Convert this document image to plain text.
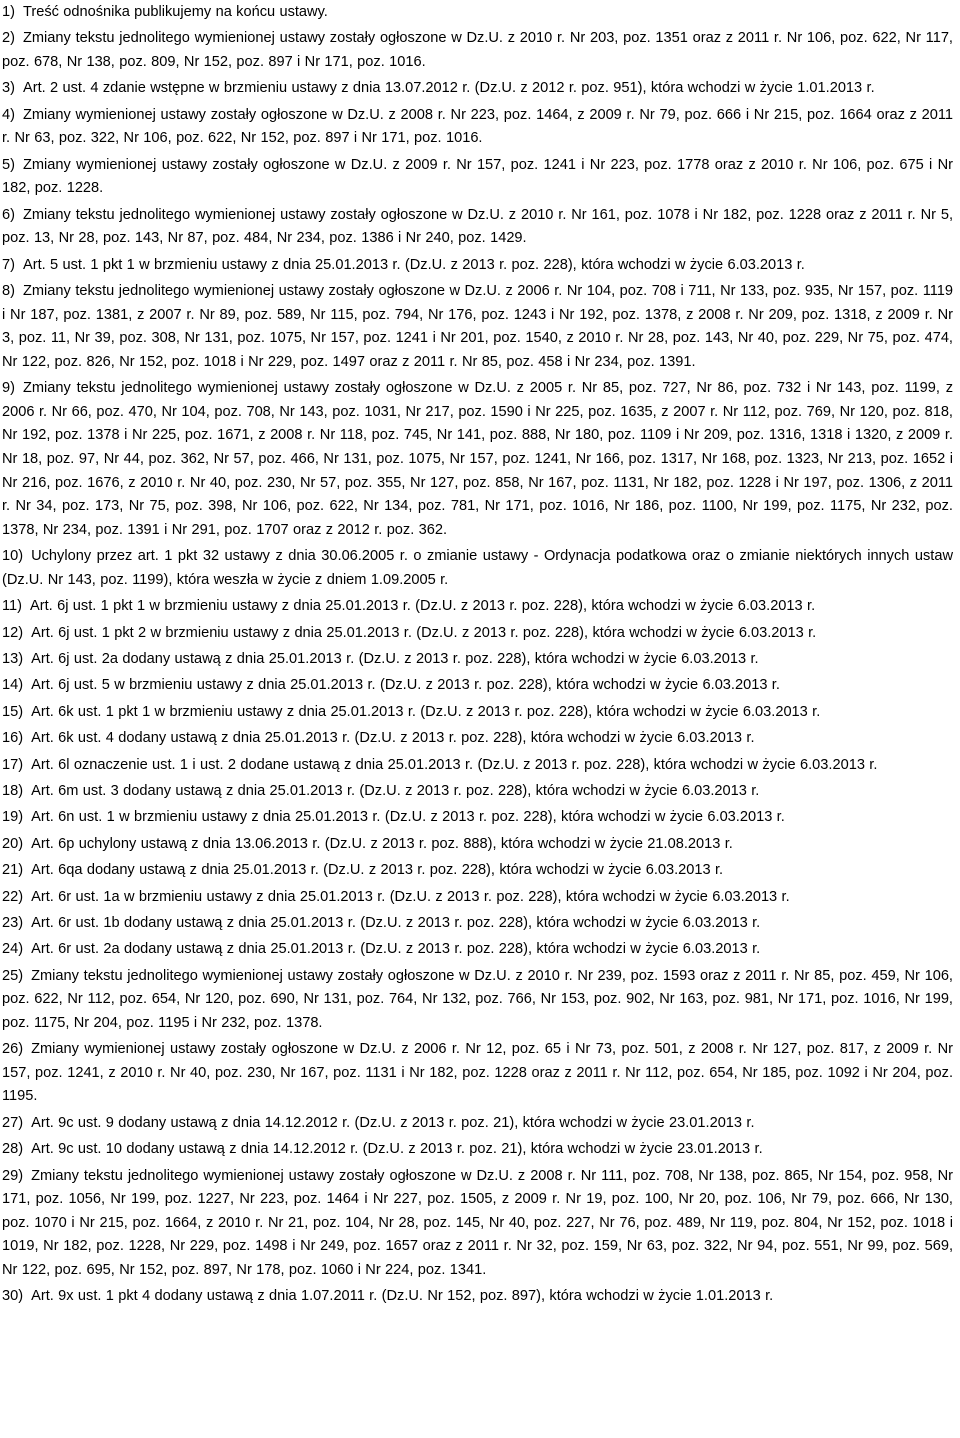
1) Treść odnośnika publikujemy na końcu ustawy.

2) Zmiany tekstu jednolitego wymienionej ustawy zostały ogłoszone w Dz.U. z 2010 r. Nr 203, poz. 1351 oraz z 2011 r. Nr 106, poz. 622, Nr 117, poz. 678, Nr 138, poz. 809, Nr 152, poz. 897 i Nr 171, poz. 1016.

3) Art. 2 ust. 4 zdanie wstępne w brzmieniu ustawy z dnia 13.07.2012 r. (Dz.U. z 2012 r. poz. 951), która wchodzi w życie 1.01.2013 r.

4) Zmiany wymienionej ustawy zostały ogłoszone w Dz.U. z 2008 r. Nr 223, poz. 1464, z 2009 r. Nr 79, poz. 666 i Nr 215, poz. 1664 oraz z 2011 r. Nr 63, poz. 322, Nr 106, poz. 622, Nr 152, poz. 897 i Nr 171, poz. 1016.

5) Zmiany wymienionej ustawy zostały ogłoszone w Dz.U. z 2009 r. Nr 157, poz. 1241 i Nr 223, poz. 1778 oraz z 2010 r. Nr 106, poz. 675 i Nr 182, poz. 1228.

6) Zmiany tekstu jednolitego wymienionej ustawy zostały ogłoszone w Dz.U. z 2010 r. Nr 161, poz. 1078 i Nr 182, poz. 1228 oraz z 2011 r. Nr 5, poz. 13, Nr 28, poz. 143, Nr 87, poz. 484, Nr 234, poz. 1386 i Nr 240, poz. 1429.

7) Art. 5 ust. 1 pkt 1 w brzmieniu ustawy z dnia 25.01.2013 r. (Dz.U. z 2013 r. poz. 228), która wchodzi w życie 6.03.2013 r.

8) Zmiany tekstu jednolitego wymienionej ustawy zostały ogłoszone w Dz.U. z 2006 r. Nr 104, poz. 708 i 711, Nr 133, poz. 935, Nr 157, poz. 1119 i Nr 187, poz. 1381, z 2007 r. Nr 89, poz. 589, Nr 115, poz. 794, Nr 176, poz. 1243 i Nr 192, poz. 1378, z 2008 r. Nr 209, poz. 1318, z 2009 r. Nr 3, poz. 11, Nr 39, poz. 308, Nr 131, poz. 1075, Nr 157, poz. 1241 i Nr 201, poz. 1540, z 2010 r. Nr 28, poz. 143, Nr 40, poz. 229, Nr 75, poz. 474, Nr 122, poz. 826, Nr 152, poz. 1018 i Nr 229, poz. 1497 oraz z 2011 r. Nr 85, poz. 458 i Nr 234, poz. 1391.

9) Zmiany tekstu jednolitego wymienionej ustawy zostały ogłoszone w Dz.U. z 2005 r. Nr 85, poz. 727, Nr 86, poz. 732 i Nr 143, poz. 1199, z 2006 r. Nr 66, poz. 470, Nr 104, poz. 708, Nr 143, poz. 1031, Nr 217, poz. 1590 i Nr 225, poz. 1635, z 2007 r. Nr 112, poz. 769, Nr 120, poz. 818, Nr 192, poz. 1378 i Nr 225, poz. 1671, z 2008 r. Nr 118, poz. 745, Nr 141, poz. 888, Nr 180, poz. 1109 i Nr 209, poz. 1316, 1318 i 1320, z 2009 r. Nr 18, poz. 97, Nr 44, poz. 362, Nr 57, poz. 466, Nr 131, poz. 1075, Nr 157, poz. 1241, Nr 166, poz. 1317, Nr 168, poz. 1323, Nr 213, poz. 1652 i Nr 216, poz. 1676, z 2010 r. Nr 40, poz. 230, Nr 57, poz. 355, Nr 127, poz. 858, Nr 167, poz. 1131, Nr 182, poz. 1228 i Nr 197, poz. 1306, z 2011 r. Nr 34, poz. 173, Nr 75, poz. 398, Nr 106, poz. 622, Nr 134, poz. 781, Nr 171, poz. 1016, Nr 186, poz. 1100, Nr 199, poz. 1175, Nr 232, poz. 1378, Nr 234, poz. 1391 i Nr 291, poz. 1707 oraz z 2012 r. poz. 362.

10) Uchylony przez art. 1 pkt 32 ustawy z dnia 30.06.2005 r. o zmianie ustawy - Ordynacja podatkowa oraz o zmianie niektórych innych ustaw (Dz.U. Nr 143, poz. 1199), która weszła w życie z dniem 1.09.2005 r.

11) Art. 6j ust. 1 pkt 1 w brzmieniu ustawy z dnia 25.01.2013 r. (Dz.U. z 2013 r. poz. 228), która wchodzi w życie 6.03.2013 r.

12) Art. 6j ust. 1 pkt 2 w brzmieniu ustawy z dnia 25.01.2013 r. (Dz.U. z 2013 r. poz. 228), która wchodzi w życie 6.03.2013 r.

13) Art. 6j ust. 2a dodany ustawą z dnia 25.01.2013 r. (Dz.U. z 2013 r. poz. 228), która wchodzi w życie 6.03.2013 r.

14) Art. 6j ust. 5 w brzmieniu ustawy z dnia 25.01.2013 r. (Dz.U. z 2013 r. poz. 228), która wchodzi w życie 6.03.2013 r.

15) Art. 6k ust. 1 pkt 1 w brzmieniu ustawy z dnia 25.01.2013 r. (Dz.U. z 2013 r. poz. 228), która wchodzi w życie 6.03.2013 r.

16) Art. 6k ust. 4 dodany ustawą z dnia 25.01.2013 r. (Dz.U. z 2013 r. poz. 228), która wchodzi w życie 6.03.2013 r.

17) Art. 6l oznaczenie ust. 1 i ust. 2 dodane ustawą z dnia 25.01.2013 r. (Dz.U. z 2013 r. poz. 228), która wchodzi w życie 6.03.2013 r.

18) Art. 6m ust. 3 dodany ustawą z dnia 25.01.2013 r. (Dz.U. z 2013 r. poz. 228), która wchodzi w życie 6.03.2013 r.

19) Art. 6n ust. 1 w brzmieniu ustawy z dnia 25.01.2013 r. (Dz.U. z 2013 r. poz. 228), która wchodzi w życie 6.03.2013 r.

20) Art. 6p uchylony ustawą z dnia 13.06.2013 r. (Dz.U. z 2013 r. poz. 888), która wchodzi w życie 21.08.2013 r.

21) Art. 6qa dodany ustawą z dnia 25.01.2013 r. (Dz.U. z 2013 r. poz. 228), która wchodzi w życie 6.03.2013 r.

22) Art. 6r ust. 1a w brzmieniu ustawy z dnia 25.01.2013 r. (Dz.U. z 2013 r. poz. 228), która wchodzi w życie 6.03.2013 r.

23) Art. 6r ust. 1b dodany ustawą z dnia 25.01.2013 r. (Dz.U. z 2013 r. poz. 228), która wchodzi w życie 6.03.2013 r.

24) Art. 6r ust. 2a dodany ustawą z dnia 25.01.2013 r. (Dz.U. z 2013 r. poz. 228), która wchodzi w życie 6.03.2013 r.

25) Zmiany tekstu jednolitego wymienionej ustawy zostały ogłoszone w Dz.U. z 2010 r. Nr 239, poz. 1593 oraz z 2011 r. Nr 85, poz. 459, Nr 106, poz. 622, Nr 112, poz. 654, Nr 120, poz. 690, Nr 131, poz. 764, Nr 132, poz. 766, Nr 153, poz. 902, Nr 163, poz. 981, Nr 171, poz. 1016, Nr 199, poz. 1175, Nr 204, poz. 1195 i Nr 232, poz. 1378.

26) Zmiany wymienionej ustawy zostały ogłoszone w Dz.U. z 2006 r. Nr 12, poz. 65 i Nr 73, poz. 501, z 2008 r. Nr 127, poz. 817, z 2009 r. Nr 157, poz. 1241, z 2010 r. Nr 40, poz. 230, Nr 167, poz. 1131 i Nr 182, poz. 1228 oraz z 2011 r. Nr 112, poz. 654, Nr 185, poz. 1092 i Nr 204, poz. 1195.

27) Art. 9c ust. 9 dodany ustawą z dnia 14.12.2012 r. (Dz.U. z 2013 r. poz. 21), która wchodzi w życie 23.01.2013 r.

28) Art. 9c ust. 10 dodany ustawą z dnia 14.12.2012 r. (Dz.U. z 2013 r. poz. 21), która wchodzi w życie 23.01.2013 r.

29) Zmiany tekstu jednolitego wymienionej ustawy zostały ogłoszone w Dz.U. z 2008 r. Nr 111, poz. 708, Nr 138, poz. 865, Nr 154, poz. 958, Nr 171, poz. 1056, Nr 199, poz. 1227, Nr 223, poz. 1464 i Nr 227, poz. 1505, z 2009 r. Nr 19, poz. 100, Nr 20, poz. 106, Nr 79, poz. 666, Nr 130, poz. 1070 i Nr 215, poz. 1664, z 2010 r. Nr 21, poz. 104, Nr 28, poz. 145, Nr 40, poz. 227, Nr 76, poz. 489, Nr 119, poz. 804, Nr 152, poz. 1018 i 1019, Nr 182, poz. 1228, Nr 229, poz. 1498 i Nr 249, poz. 1657 oraz z 2011 r. Nr 32, poz. 159, Nr 63, poz. 322, Nr 94, poz. 551, Nr 99, poz. 569, Nr 122, poz. 695, Nr 152, poz. 897, Nr 178, poz. 1060 i Nr 224, poz. 1341.

30) Art. 9x ust. 1 pkt 4 dodany ustawą z dnia 1.07.2011 r. (Dz.U. Nr 152, poz. 897), która wchodzi w życie 1.01.2013 r.
